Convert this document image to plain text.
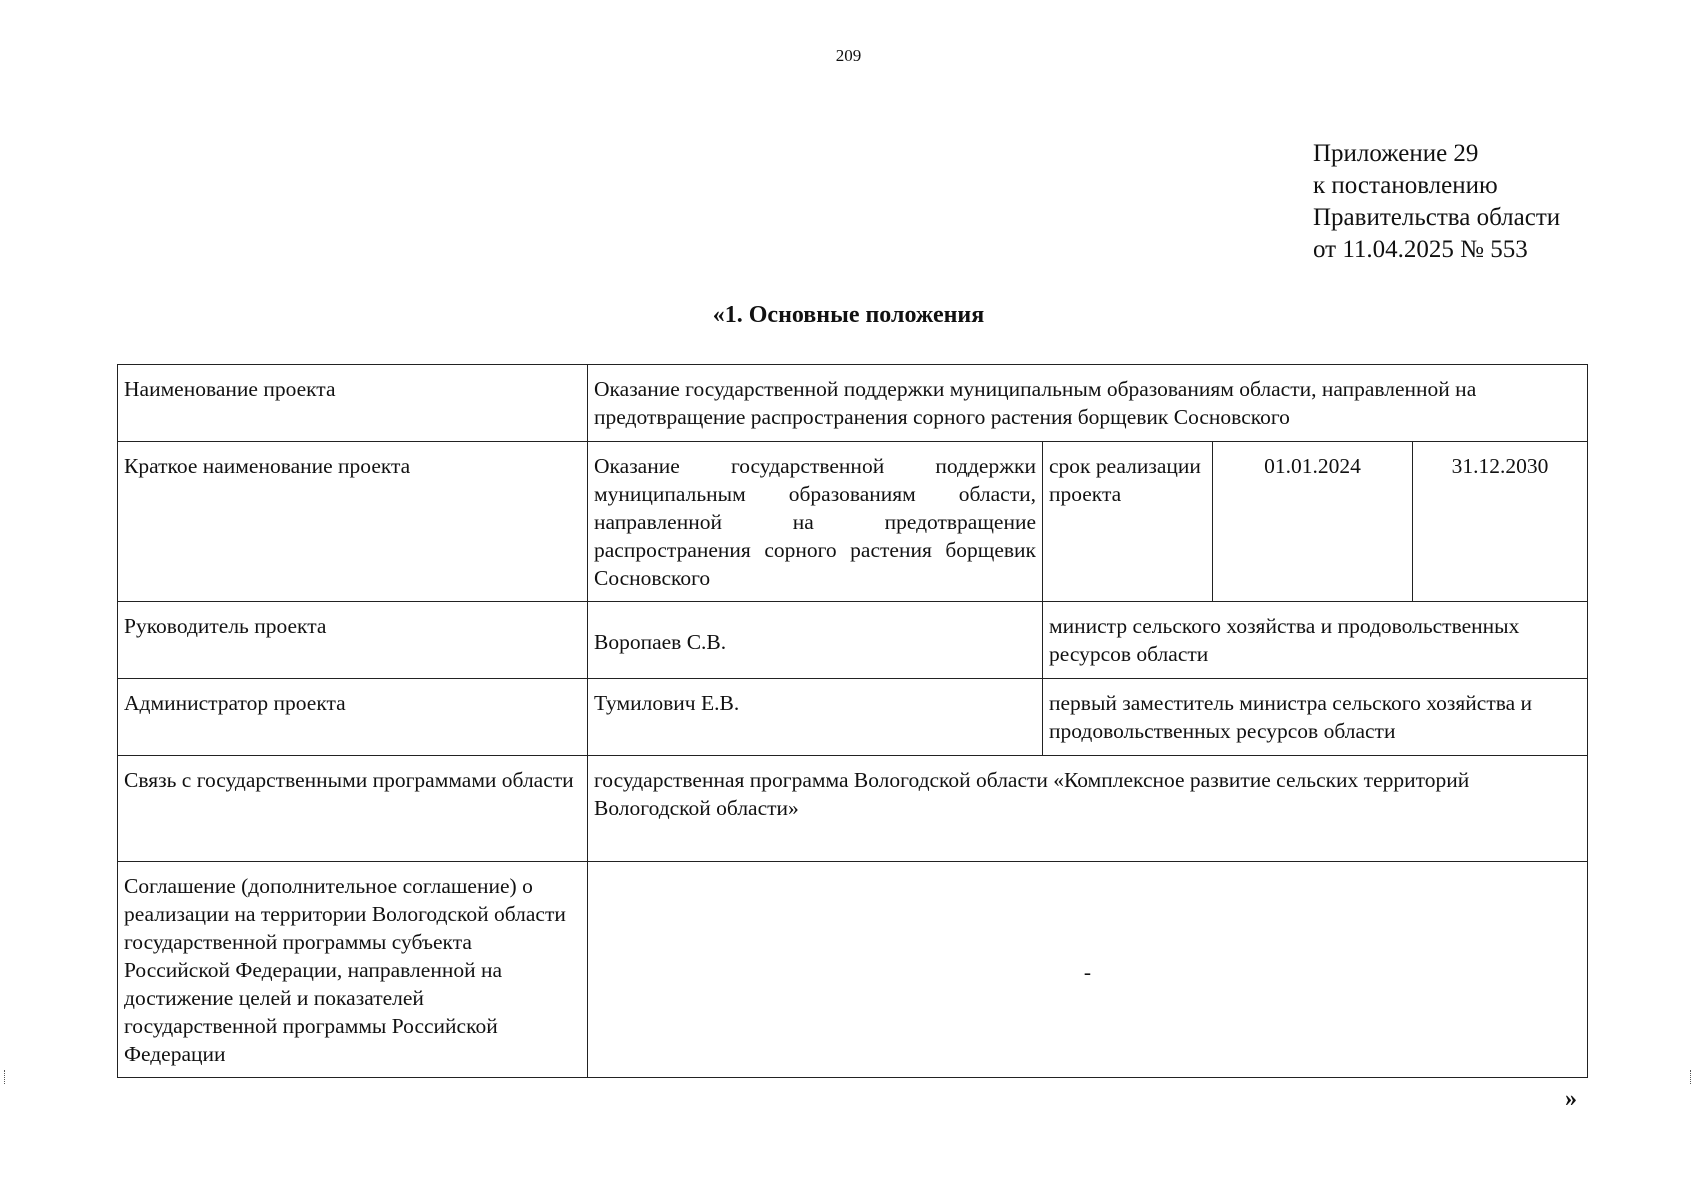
209
Приложение 29
к постановлению
Правительства области
от 11.04.2025 № 553
«1. Основные положения
Наименование проекта	Оказание государственной поддержки муниципальным образованиям области, направленной на предотвращение распространения сорного растения борщевик Сосновского			
Краткое наименование проекта	Оказание государственной поддержки муниципальным образованиям области, направленной на предотвращение распространения сорного растения борщевик Сосновского	срок реализации проекта	01.01.2024	31.12.2030
Руководитель проекта	Воропаев С.В.	министр сельского хозяйства и продовольственных ресурсов области		
Администратор проекта	Тумилович Е.В.	первый заместитель министра сельского хозяйства и продовольственных ресурсов области		
Связь с государственными программами области	государственная программа Вологодской области «Комплексное развитие сельских территорий Вологодской области»			
Соглашение (дополнительное соглашение) о реализации на территории Вологодской области государственной программы субъекта Российской Федерации, направленной на достижение целей и показателей государственной программы Российской Федерации	-			
»
